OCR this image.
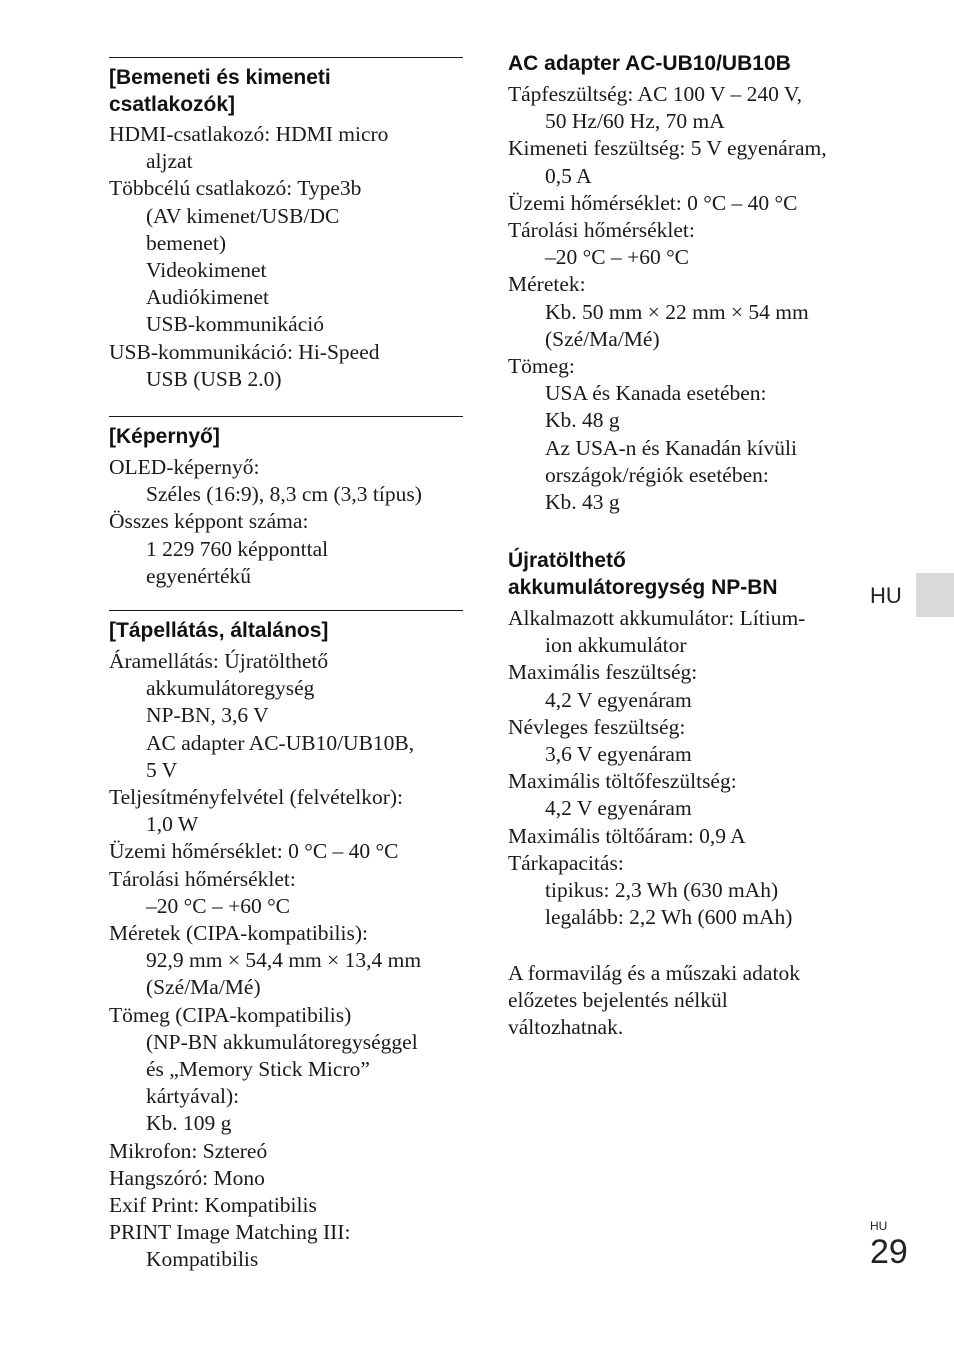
[Bemeneti és kimeneti
csatlakozók]
HDMI-csatlakozó: HDMI micro
aljzat
Többcélú csatlakozó: Type3b
(AV kimenet/USB/DC
bemenet)
Videokimenet
Audiókimenet
USB-kommunikáció
USB-kommunikáció: Hi-Speed
USB (USB 2.0)
[Képernyő]
OLED-képernyő:
Széles (16:9), 8,3 cm (3,3 típus)
Összes képpont száma:
1 229 760 képponttal
egyenértékű
[Tápellátás, általános]
Áramellátás: Újratölthető
akkumulátoregység
NP-BN, 3,6 V
AC adapter AC-UB10/UB10B,
5 V
Teljesítményfelvétel (felvételkor):
1,0 W
Üzemi hőmérséklet: 0 °C – 40 °C
Tárolási hőmérséklet:
–20 °C – +60 °C
Méretek (CIPA-kompatibilis):
92,9 mm × 54,4 mm × 13,4 mm
(Szé/Ma/Mé)
Tömeg (CIPA-kompatibilis)
(NP-BN akkumulátoregységgel
és „Memory Stick Micro”
kártyával):
Kb. 109 g
Mikrofon: Sztereó
Hangszóró: Mono
Exif Print: Kompatibilis
PRINT Image Matching III:
Kompatibilis
AC adapter AC-UB10/UB10B
Tápfeszültség: AC 100 V – 240 V,
50 Hz/60 Hz, 70 mA
Kimeneti feszültség: 5 V egyenáram,
0,5 A
Üzemi hőmérséklet: 0 °C – 40 °C
Tárolási hőmérséklet:
–20 °C – +60 °C
Méretek:
Kb. 50 mm × 22 mm × 54 mm
(Szé/Ma/Mé)
Tömeg:
USA és Kanada esetében:
Kb. 48 g
Az USA-n és Kanadán kívüli
országok/régiók esetében:
Kb. 43 g
Újratölthető
akkumulátoregység NP-BN
Alkalmazott akkumulátor: Lítium-
ion akkumulátor
Maximális feszültség:
4,2 V egyenáram
Névleges feszültség:
3,6 V egyenáram
Maximális töltőfeszültség:
4,2 V egyenáram
Maximális töltőáram: 0,9 A
Tárkapacitás:
tipikus: 2,3 Wh (630 mAh)
legalább: 2,2 Wh (600 mAh)
A formavilág és a műszaki adatok
előzetes bejelentés nélkül
változhatnak.
HU
HU
29
